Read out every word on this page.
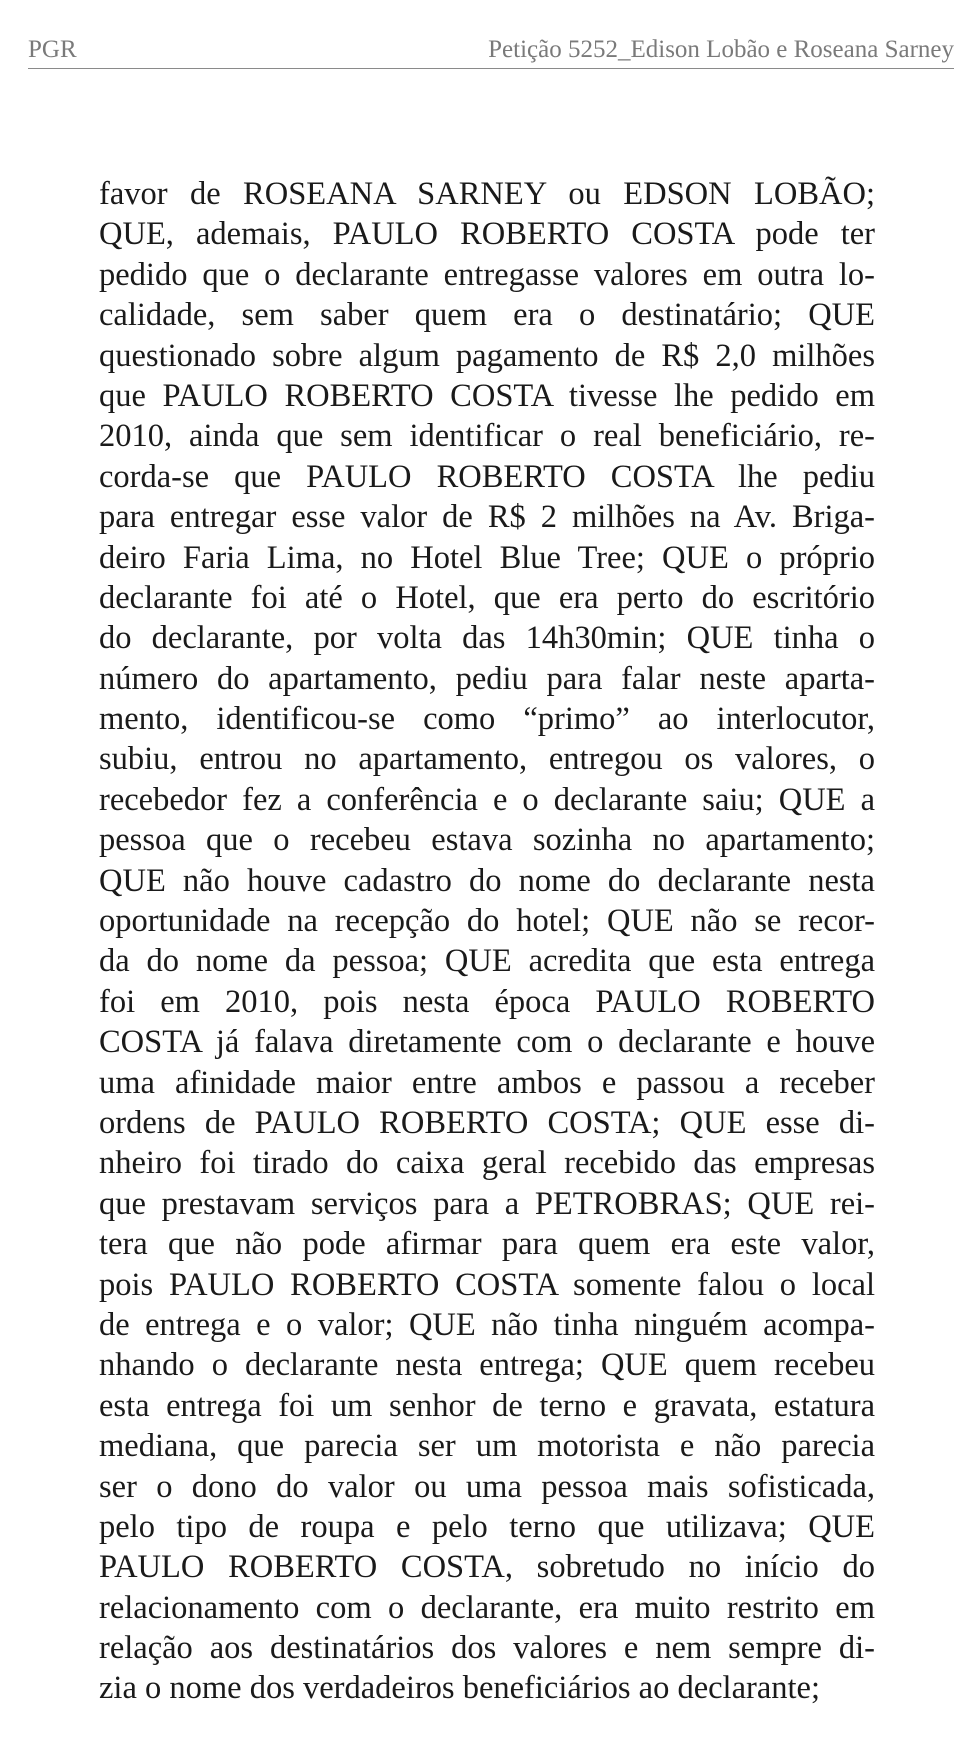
PGR	Petição 5252_Edison Lobão e Roseana Sarney
favor de ROSEANA SARNEY ou EDSON LOBÃO;
QUE, ademais, PAULO ROBERTO COSTA pode ter
pedido que o declarante entregasse valores em outra lo-
calidade, sem saber quem era o destinatário; QUE
questionado sobre algum pagamento de R$ 2,0 milhões
que PAULO ROBERTO COSTA tivesse lhe pedido em
2010, ainda que sem identificar o real beneficiário, re-
corda-se que PAULO ROBERTO COSTA lhe pediu
para entregar esse valor de R$ 2 milhões na Av. Briga-
deiro Faria Lima, no Hotel Blue Tree; QUE o próprio
declarante foi até o Hotel, que era perto do escritório
do declarante, por volta das 14h30min; QUE tinha o
número do apartamento, pediu para falar neste aparta-
mento, identificou-se como “primo” ao interlocutor,
subiu, entrou no apartamento, entregou os valores, o
recebedor fez a conferência e o declarante saiu; QUE a
pessoa que o recebeu estava sozinha no apartamento;
QUE não houve cadastro do nome do declarante nesta
oportunidade na recepção do hotel; QUE não se recor-
da do nome da pessoa; QUE acredita que esta entrega
foi em 2010, pois nesta época PAULO ROBERTO
COSTA já falava diretamente com o declarante e houve
uma afinidade maior entre ambos e passou a receber
ordens de PAULO ROBERTO COSTA; QUE esse di-
nheiro foi tirado do caixa geral recebido das empresas
que prestavam serviços para a PETROBRAS; QUE rei-
tera que não pode afirmar para quem era este valor,
pois PAULO ROBERTO COSTA somente falou o local
de entrega e o valor; QUE não tinha ninguém acompa-
nhando o declarante nesta entrega; QUE quem recebeu
esta entrega foi um senhor de terno e gravata, estatura
mediana, que parecia ser um motorista e não parecia
ser o dono do valor ou uma pessoa mais sofisticada,
pelo tipo de roupa e pelo terno que utilizava; QUE
PAULO ROBERTO COSTA, sobretudo no início do
relacionamento com o declarante, era muito restrito em
relação aos destinatários dos valores e nem sempre di-
zia o nome dos verdadeiros beneficiários ao declarante;
